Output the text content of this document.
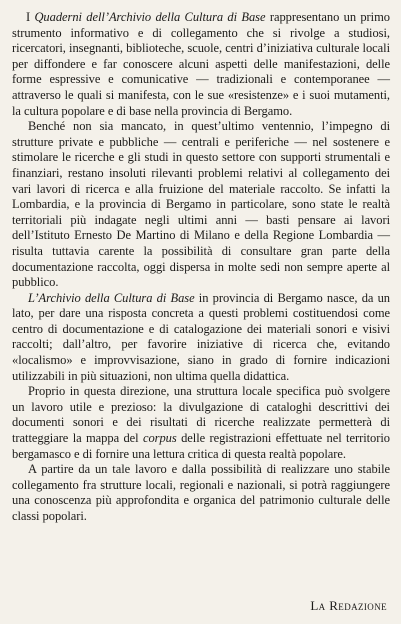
I Quaderni dell’Archivio della Cultura di Base rappresentano un primo strumento informativo e di collegamento che si rivolge a studiosi, ricercatori, insegnanti, biblioteche, scuole, centri d’iniziativa culturale locali per diffondere e far conoscere alcuni aspetti delle manifestazioni, delle forme espressive e comunicative — tradizionali e contemporanee — attraverso le quali si manifesta, con le sue «resistenze» e i suoi mutamenti, la cultura popolare e di base nella provincia di Bergamo.

Benché non sia mancato, in quest’ultimo ventennio, l’impegno di strutture private e pubbliche — centrali e periferiche — nel sostenere e stimolare le ricerche e gli studi in questo settore con supporti strumentali e finanziari, restano insoluti rilevanti problemi relativi al collegamento dei vari lavori di ricerca e alla fruizione del materiale raccolto. Se infatti la Lombardia, e la provincia di Bergamo in particolare, sono state le realtà territoriali più indagate negli ultimi anni — basti pensare ai lavori dell’Istituto Ernesto De Martino di Milano e della Regione Lombardia — risulta tuttavia carente la possibilità di consultare gran parte della documentazione raccolta, oggi dispersa in molte sedi non sempre aperte al pubblico.

L’Archivio della Cultura di Base in provincia di Bergamo nasce, da un lato, per dare una risposta concreta a questi problemi costituendosi come centro di documentazione e di catalogazione dei materiali sonori e visivi raccolti; dall’altro, per favorire iniziative di ricerca che, evitando «localismo» e improvvisazione, siano in grado di fornire indicazioni utilizzabili in più situazioni, non ultima quella didattica.

Proprio in questa direzione, una struttura locale specifica può svolgere un lavoro utile e prezioso: la divulgazione di cataloghi descrittivi dei documenti sonori e dei risultati di ricerche realizzate permetterà di tratteggiare la mappa del corpus delle registrazioni effettuate nel territorio bergamasco e di fornire una lettura critica di questa realtà popolare.

A partire da un tale lavoro e dalla possibilità di realizzare uno stabile collegamento fra strutture locali, regionali e nazionali, si potrà raggiungere una conoscenza più approfondita e organica del patrimonio culturale delle classi popolari.

La Redazione
